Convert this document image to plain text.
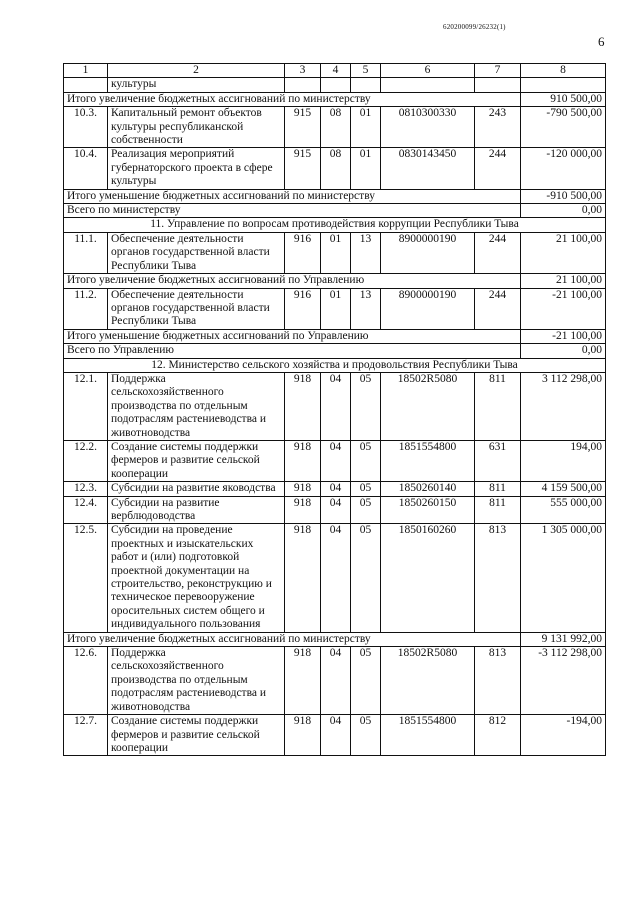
620200099/26232(1)
6
1	2	3	4	5	6	7	8
	культуры						
Итого увеличение бюджетных ассигнований по министерству							910 500,00
10.3.	Капитальный ремонт объектов культуры республиканской собственности	915	08	01	0810300330	243	-790 500,00
10.4.	Реализация мероприятий губернаторского проекта в сфере культуры	915	08	01	0830143450	244	-120 000,00
Итого уменьшение бюджетных ассигнований по министерству							-910 500,00
Всего по министерству							0,00
11. Управление по вопросам противодействия коррупции Республики Тыва							
11.1.	Обеспечение деятельности органов государственной власти Республики Тыва	916	01	13	8900000190	244	21 100,00
Итого увеличение бюджетных ассигнований по Управлению							21 100,00
11.2.	Обеспечение деятельности органов государственной власти Республики Тыва	916	01	13	8900000190	244	-21 100,00
Итого уменьшение бюджетных ассигнований по Управлению							-21 100,00
Всего по Управлению							0,00
12. Министерство сельского хозяйства и продовольствия Республики Тыва							
12.1.	Поддержка сельскохозяйственного производства по отдельным подотраслям растениеводства и животноводства	918	04	05	18502R5080	811	3 112 298,00
12.2.	Создание системы поддержки фермеров и развитие сельской кооперации	918	04	05	1851554800	631	194,00
12.3.	Субсидии на развитие яководства	918	04	05	1850260140	811	4 159 500,00
12.4.	Субсидии на развитие верблюдоводства	918	04	05	1850260150	811	555 000,00
12.5.	Субсидии на проведение проектных и изыскательских работ и (или) подготовкой проектной документации на строительство, реконструкцию и техническое перевооружение оросительных систем общего и индивидуального пользования	918	04	05	1850160260	813	1 305 000,00
Итого увеличение бюджетных ассигнований по министерству							9 131 992,00
12.6.	Поддержка сельскохозяйственного производства по отдельным подотраслям растениеводства и животноводства	918	04	05	18502R5080	813	-3 112 298,00
12.7.	Создание системы поддержки фермеров и развитие сельской кооперации	918	04	05	1851554800	812	-194,00
